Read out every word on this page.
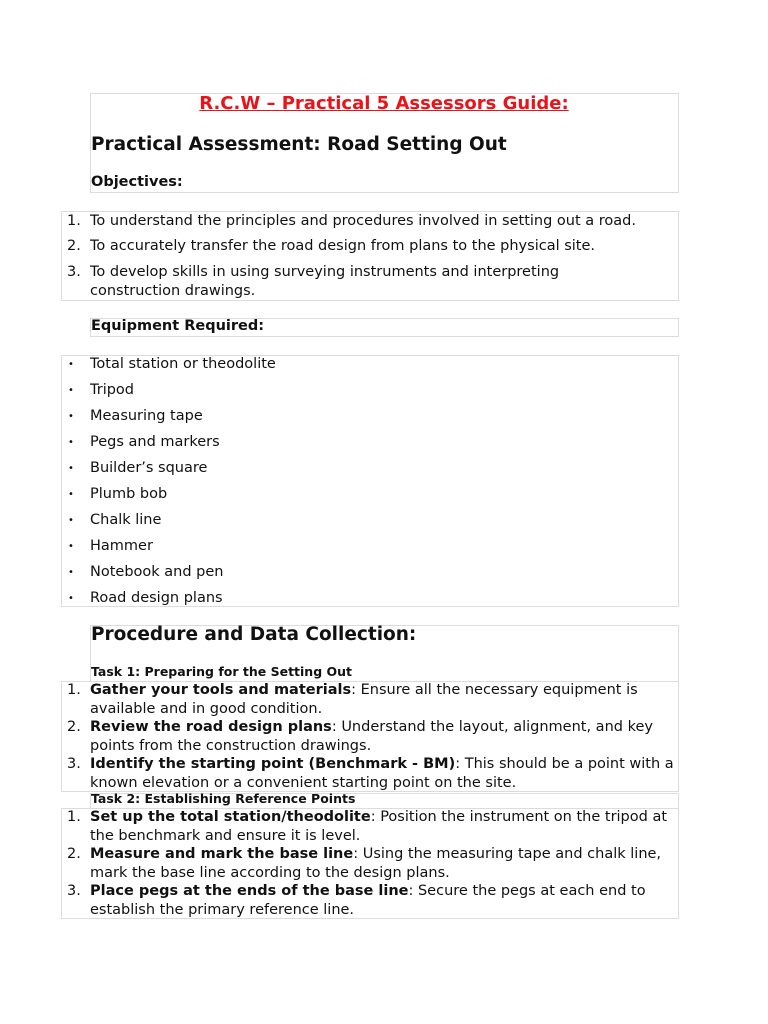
R.C.W – Practical 5 Assessors Guide:
Practical Assessment: Road Setting Out
Objectives:
1. To understand the principles and procedures involved in setting out a road.
2. To accurately transfer the road design from plans to the physical site.
3. To develop skills in using surveying instruments and interpreting construction drawings.
Equipment Required:
• Total station or theodolite
• Tripod
• Measuring tape
• Pegs and markers
• Builder’s square
• Plumb bob
• Chalk line
• Hammer
• Notebook and pen
• Road design plans
Procedure and Data Collection:
Task 1: Preparing for the Setting Out
1. Gather your tools and materials: Ensure all the necessary equipment is available and in good condition.
2. Review the road design plans: Understand the layout, alignment, and key points from the construction drawings.
3. Identify the starting point (Benchmark - BM): This should be a point with a known elevation or a convenient starting point on the site.
Task 2: Establishing Reference Points
1. Set up the total station/theodolite: Position the instrument on the tripod at the benchmark and ensure it is level.
2. Measure and mark the base line: Using the measuring tape and chalk line, mark the base line according to the design plans.
3. Place pegs at the ends of the base line: Secure the pegs at each end to establish the primary reference line.
